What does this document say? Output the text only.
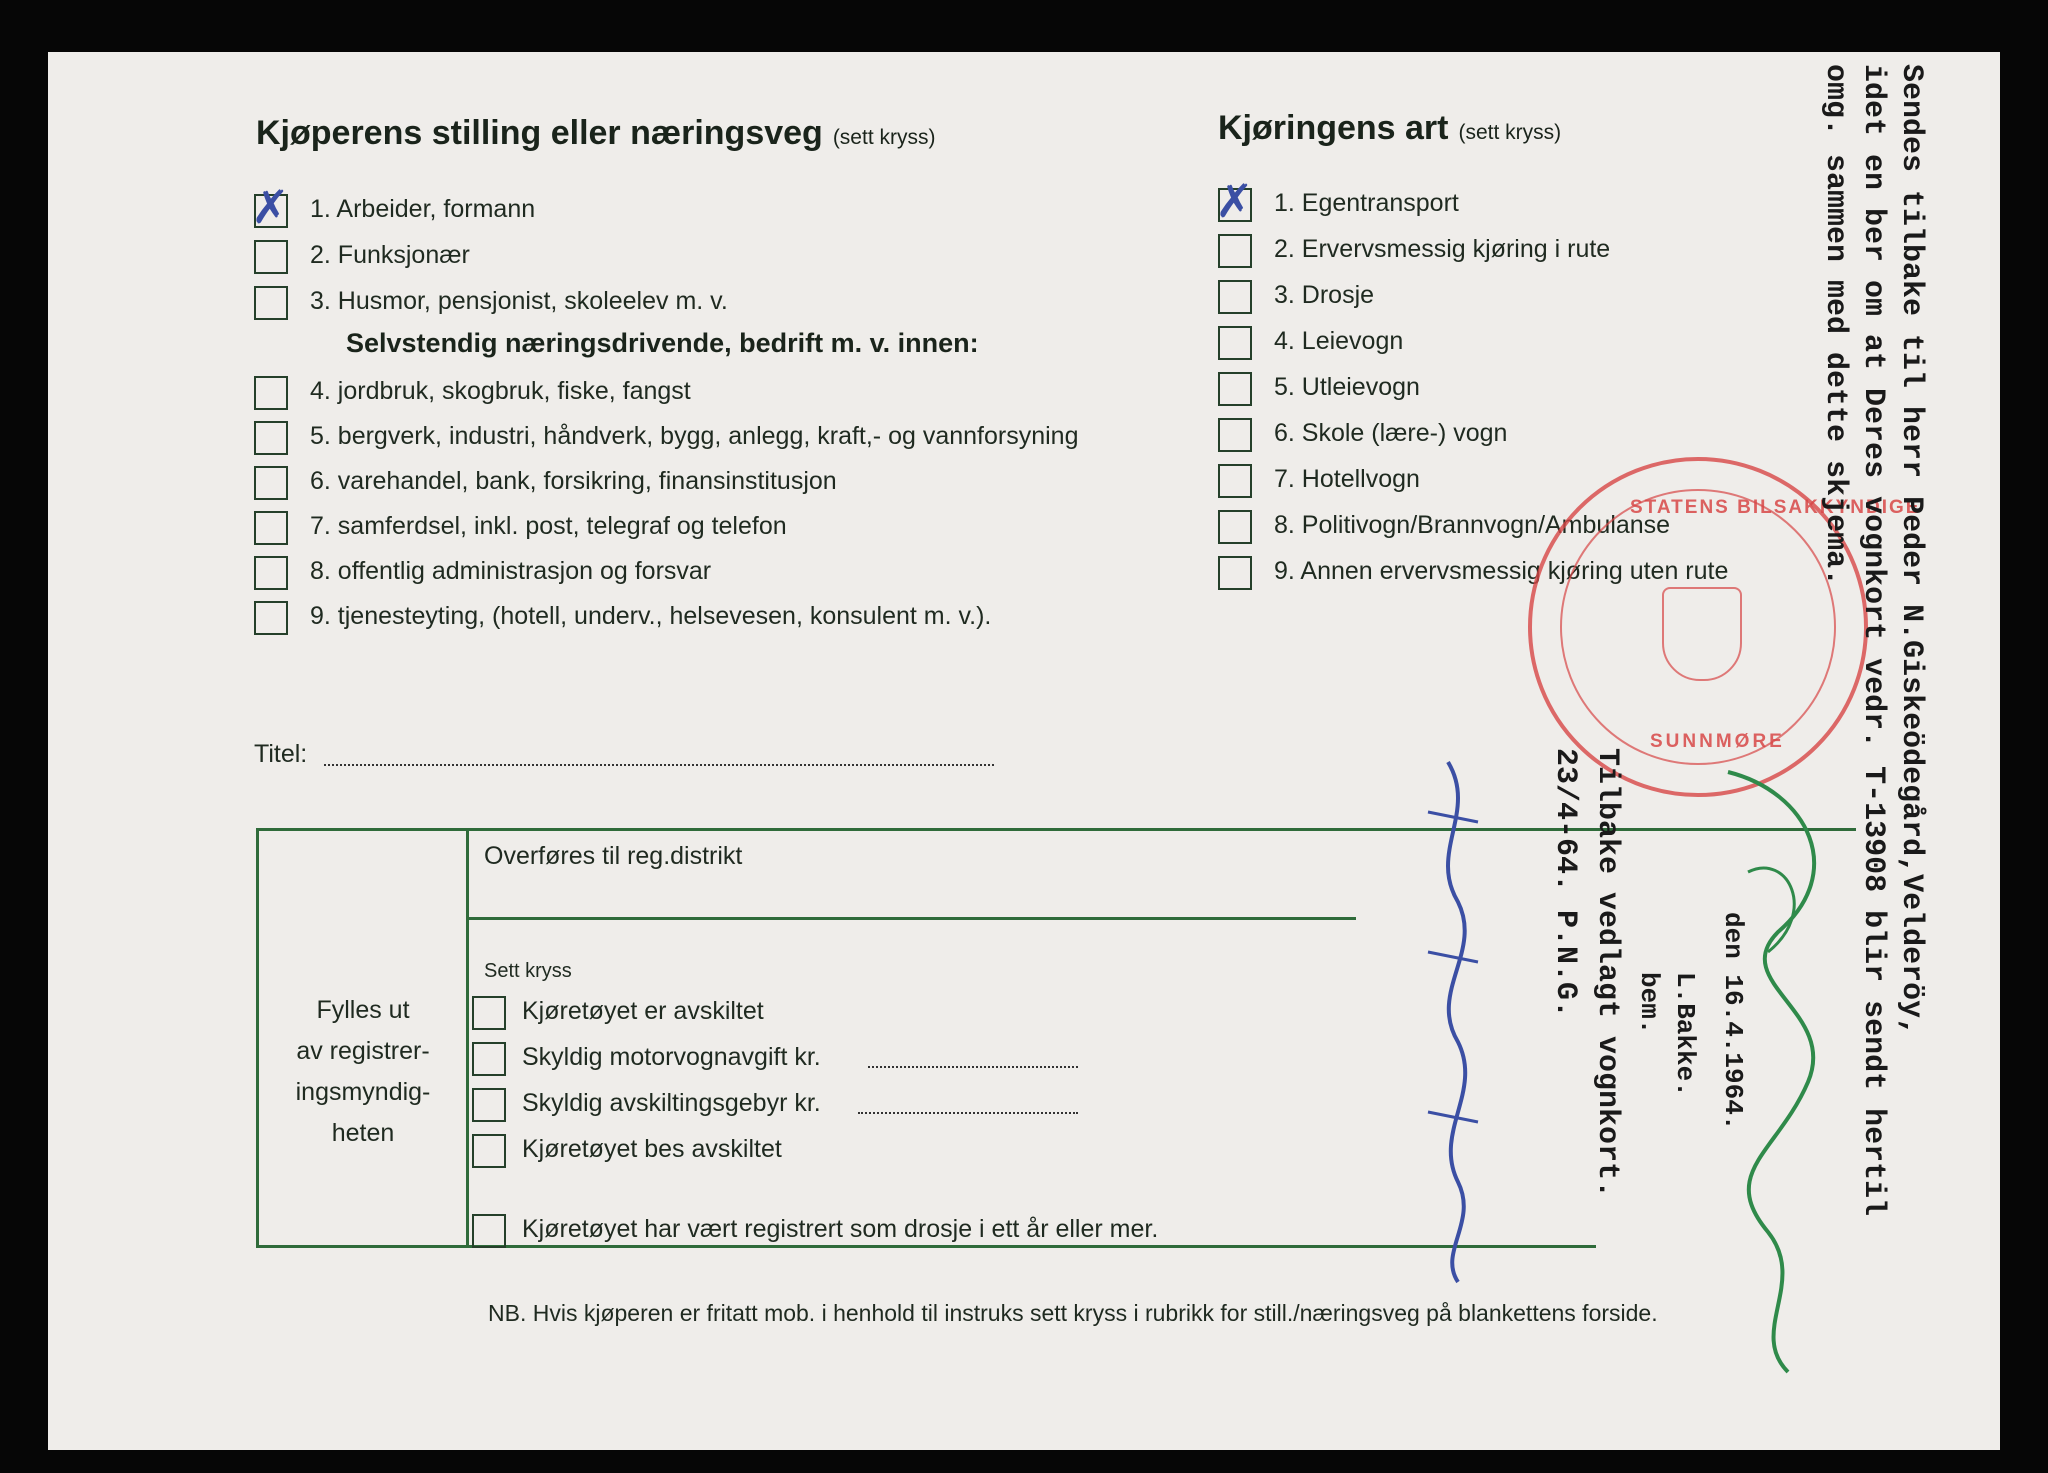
Kjøperens stilling eller næringsveg (sett kryss)
✗ 1. Arbeider, formann
2. Funksjonær
3. Husmor, pensjonist, skoleelev m. v.
Selvstendig næringsdrivende, bedrift m. v. innen:
4. jordbruk, skogbruk, fiske, fangst
5. bergverk, industri, håndverk, bygg, anlegg, kraft,- og vannforsyning
6. varehandel, bank, forsikring, finansinstitusjon
7. samferdsel, inkl. post, telegraf og telefon
8. offentlig administrasjon og forsvar
9. tjenesteyting, (hotell, underv., helsevesen, konsulent m. v.).
Titel:
Kjøringens art (sett kryss)
✗ 1. Egentransport
2. Ervervsmessig kjøring i rute
3. Drosje
4. Leievogn
5. Utleievogn
6. Skole (lære-) vogn
7. Hotellvogn
8. Politivogn/Brannvogn/Ambulanse
9. Annen ervervsmessig kjøring uten rute
STATENS BILSAKKYNDIGE
SUNNMØRE
Fylles ut
av registrer-
ingsmyndig-
heten
Overføres til reg.distrikt
Sett kryss
Kjøretøyet er avskiltet
Skyldig motorvognavgift kr.
Skyldig avskiltingsgebyr kr.
Kjøretøyet bes avskiltet
Kjøretøyet har vært registrert som drosje i ett år eller mer.
NB. Hvis kjøperen er fritatt mob. i henhold til instruks sett kryss i rubrikk for still./næringsveg på blankettens forside.
Sendes tilbake til herr Peder N.Giskeödegård,Velderöy,
idet en ber om at Deres vognkort vedr. T-13908 blir sendt hertil
omg. sammen med dette skjema.
den 16.4.1964.
L.Bakke.
bem.
Tilbake vedlagt vognkort.
23/4-64. P.N.G.
